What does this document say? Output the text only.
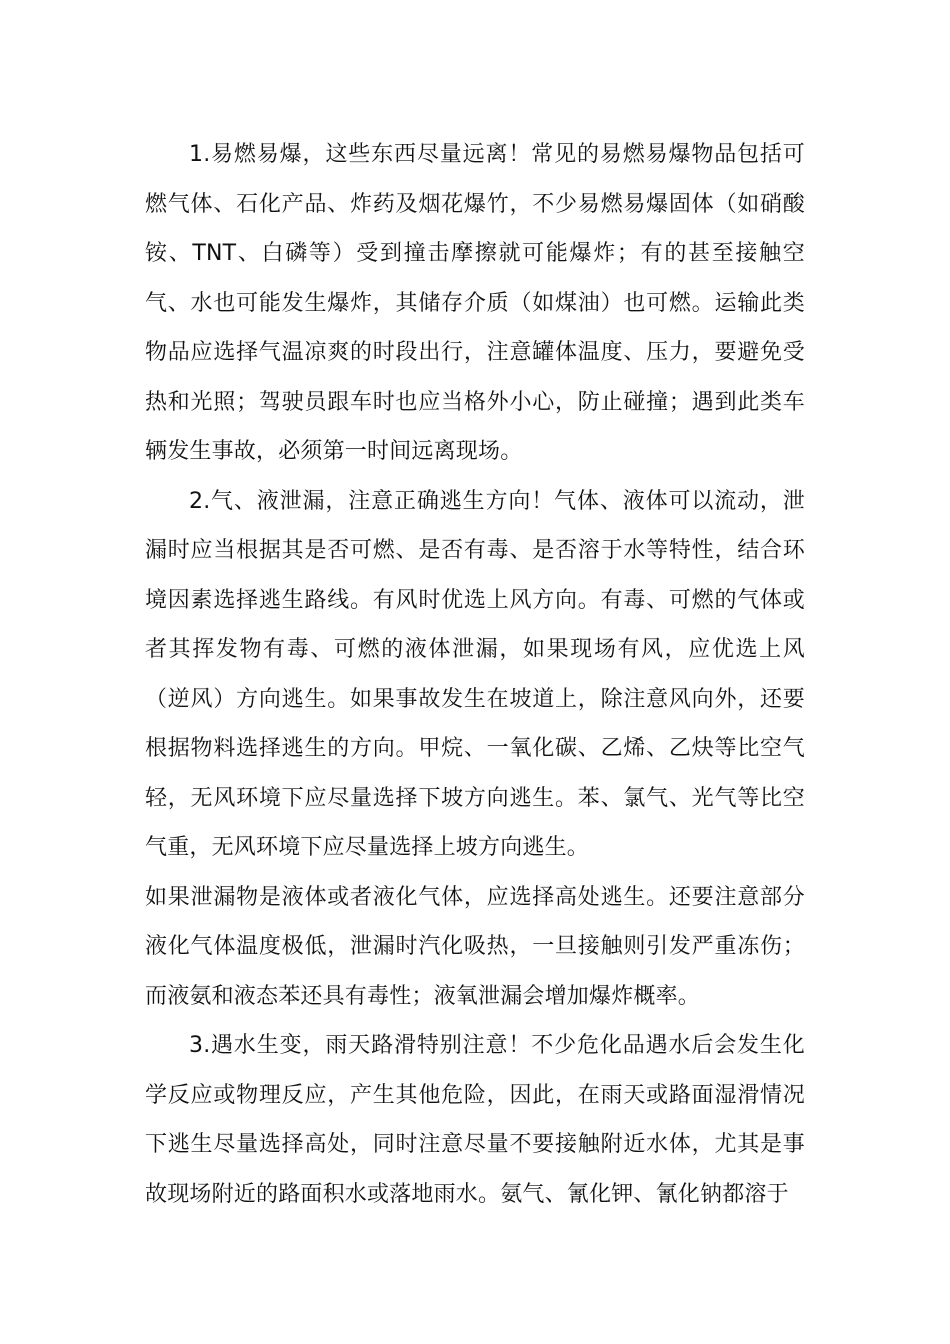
1.易燃易爆，这些东西尽量远离！常见的易燃易爆物品包括可燃气体、石化产品、炸药及烟花爆竹，不少易燃易爆固体（如硝酸铵、TNT、白磷等）受到撞击摩擦就可能爆炸；有的甚至接触空气、水也可能发生爆炸，其储存介质（如煤油）也可燃。运输此类物品应选择气温凉爽的时段出行，注意罐体温度、压力，要避免受热和光照；驾驶员跟车时也应当格外小心，防止碰撞；遇到此类车辆发生事故，必须第一时间远离现场。

2.气、液泄漏，注意正确逃生方向！气体、液体可以流动，泄漏时应当根据其是否可燃、是否有毒、是否溶于水等特性，结合环境因素选择逃生路线。有风时优选上风方向。有毒、可燃的气体或者其挥发物有毒、可燃的液体泄漏，如果现场有风，应优选上风（逆风）方向逃生。如果事故发生在坡道上，除注意风向外，还要根据物料选择逃生的方向。甲烷、一氧化碳、乙烯、乙炔等比空气轻，无风环境下应尽量选择下坡方向逃生。苯、氯气、光气等比空气重，无风环境下应尽量选择上坡方向逃生。

如果泄漏物是液体或者液化气体，应选择高处逃生。还要注意部分液化气体温度极低，泄漏时汽化吸热，一旦接触则引发严重冻伤；而液氨和液态苯还具有毒性；液氧泄漏会增加爆炸概率。

3.遇水生变，雨天路滑特别注意！不少危化品遇水后会发生化学反应或物理反应，产生其他危险，因此，在雨天或路面湿滑情况下逃生尽量选择高处，同时注意尽量不要接触附近水体，尤其是事故现场附近的路面积水或落地雨水。氨气、氰化钾、氰化钠都溶于
